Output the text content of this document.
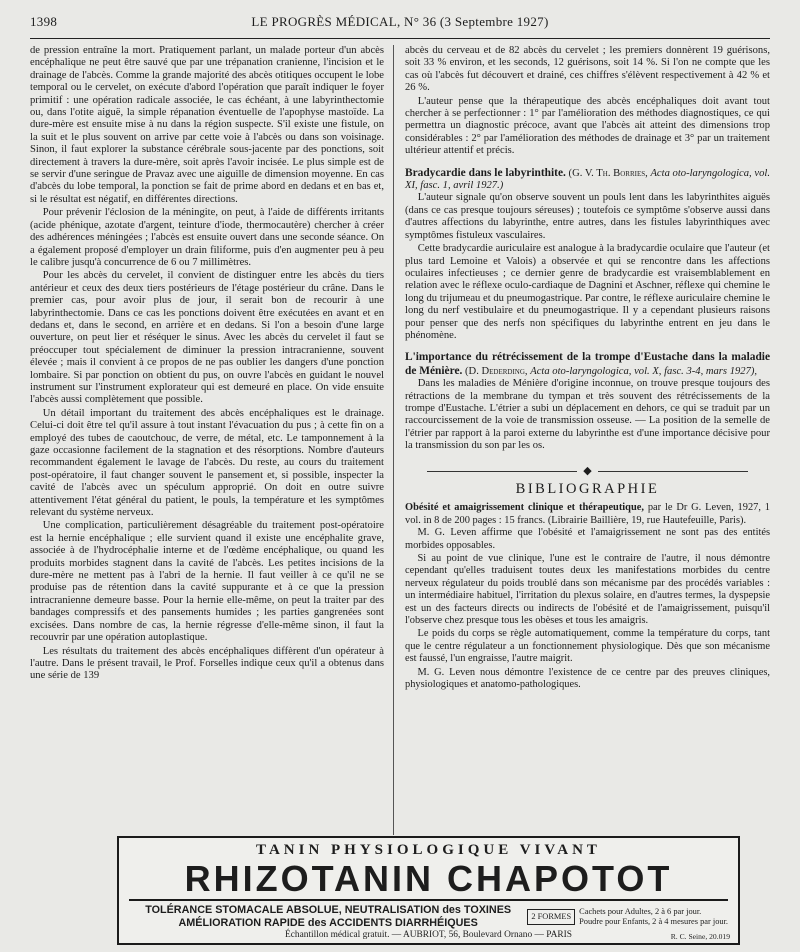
1398	LE PROGRÈS MÉDICAL, N° 36 (3 Septembre 1927)

de pression entraîne la mort. Pratiquement parlant, un malade porteur d'un abcès encéphalique ne peut être sauvé que par une trépanation cranienne, l'incision et le drainage de l'abcès. Comme la grande majorité des abcès otitiques occupent le lobe temporal ou le cervelet, on exécute d'abord l'opération que paraît indiquer le foyer primitif : une opération radicale associée, le cas échéant, à une labyrinthectomie ou, dans l'otite aiguë, la simple répanation éventuelle de l'apophyse mastoïde. La dure-mère est ensuite mise à nu dans la région suspecte. S'il existe une fistule, on la suit et le plus souvent on arrive par cette voie à l'abcès ou dans son voisinage. Sinon, il faut explorer la substance cérébrale sous-jacente par des ponctions, soit directement à travers la dure-mère, soit après l'avoir incisée. Le plus simple est de se servir d'une seringue de Pravaz avec une aiguille de dimension moyenne. En cas d'abcès du lobe temporal, la ponction se fait de prime abord en dedans et en bas et, si le résultat est négatif, en différentes directions.

Pour prévenir l'éclosion de la méningite, on peut, à l'aide de différents irritants (acide phénique, azotate d'argent, teinture d'iode, thermocautère) chercher à créer des adhérences méningées ; l'abcès est ensuite ouvert dans une seconde séance. On a également proposé d'employer un drain filiforme, puis d'en augmenter peu à peu le calibre jusqu'à concurrence de 6 ou 7 millimètres.

Pour les abcès du cervelet, il convient de distinguer entre les abcès du tiers antérieur et ceux des deux tiers postérieurs de l'étage postérieur du crâne. Dans le premier cas, pour avoir plus de jour, il serait bon de recourir à une labyrinthectomie. Dans ce cas les ponctions doivent être exécutées en avant et en dedans et, dans le second, en arrière et en dedans. Si l'on a besoin d'une large ouverture, on peut lier et réséquer le sinus. Avec les abcès du cervelet il faut se préoccuper tout spécialement de diminuer la pression intracranienne, souvent élevée ; mais il convient à ce propos de ne pas oublier les dangers d'une ponction lombaire. Si par ponction on obtient du pus, on ouvre l'abcès en guidant le nouvel instrument sur l'instrument explorateur qui est demeuré en place. On vide ensuite l'abcès aussi complètement que possible.

Un détail important du traitement des abcès encéphaliques est le drainage. Celui-ci doit être tel qu'il assure à tout instant l'évacuation du pus ; à cette fin on a employé des tubes de caoutchouc, de verre, de métal, etc. Le tamponnement à la gaze occasionne facilement de la stagnation et des résorptions. Nombre d'auteurs recommandent également le lavage de l'abcès. Du reste, au cours du traitement post-opératoire, il faut changer souvent le pansement et, si possible, inspecter la cavité de l'abcès avec un spéculum approprié. On doit en outre suivre attentivement l'état général du patient, le pouls, la température et les symptômes relevant du système nerveux.

Une complication, particulièrement désagréable du traitement post-opératoire est la hernie encéphalique ; elle survient quand il existe une encéphalite grave, associée à de l'hydrocéphalie interne et de l'œdème encéphalique, ou quand les produits morbides stagnent dans la cavité de l'abcès. Les petites incisions de la dure-mère ne mettent pas à l'abri de la hernie. Il faut veiller à ce qu'il ne se produise pas de rétention dans la cavité suppurante et à ce que la pression intracranienne demeure basse. Pour la hernie elle-même, on peut la traiter par des bandages compressifs et des pansements humides ; les parties gangrenées sont excisées. Dans nombre de cas, la hernie régresse d'elle-même sinon, il faut la recouvrir par une opération autoplastique.

Les résultats du traitement des abcès encéphaliques diffèrent d'un opérateur à l'autre. Dans le présent travail, le Prof. Forselles indique ceux qu'il a obtenus dans une série de 139

abcès du cerveau et de 82 abcès du cervelet ; les premiers donnèrent 19 guérisons, soit 33 % environ, et les seconds, 12 guérisons, soit 14 %. Si l'on ne compte que les cas où l'abcès fut découvert et drainé, ces chiffres s'élèvent respectivement à 42 % et 26 %.

L'auteur pense que la thérapeutique des abcès encéphaliques doit avant tout chercher à se perfectionner : 1° par l'amélioration des méthodes diagnostiques, ce qui permettra un diagnostic précoce, avant que l'abcès ait atteint des dimensions trop considérables : 2° par l'amélioration des méthodes de drainage et 3° par un traitement ultérieur attentif et précis.

Bradycardie dans le labyrinthite. (G. V. Th. Borries, Acta oto-laryngologica, vol. XI, fasc. 1, avril 1927.)

L'auteur signale qu'on observe souvent un pouls lent dans les labyrinthites aiguës (dans ce cas presque toujours séreuses) ; toutefois ce symptôme s'observe aussi dans d'autres affections du labyrinthe, entre autres, dans les fistules labyrinthiques avec symptômes fistuleux vasculaires.

Cette bradycardie auriculaire est analogue à la bradycardie oculaire que l'auteur (et plus tard Lemoine et Valois) a observée et qui se rencontre dans les affections oculaires infectieuses ; ce dernier genre de bradycardie est vraisemblablement en relation avec le réflexe oculo-cardiaque de Dagnini et Aschner, réflexe qui chemine le long du trijumeau et du pneumogastrique. Par contre, le réflexe auriculaire chemine le long du nerf vestibulaire et du pneumogastrique. Il y a cependant plusieurs raisons pour penser que des nerfs non spécifiques du labyrinthe entrent en jeu dans le phénomène.

L'importance du rétrécissement de la trompe d'Eustache dans la maladie de Ménière. (D. Dederding, Acta oto-laryngologica, vol. X, fasc. 3-4, mars 1927),

Dans les maladies de Ménière d'origine inconnue, on trouve presque toujours des rétractions de la membrane du tympan et très souvent des rétrécissements de la trompe d'Eustache. L'étrier a subi un déplacement en dehors, ce qui se traduit par un raccourcissement de la voie de transmission osseuse. — La position de la semelle de l'étrier par rapport à la paroi externe du labyrinthe est d'une importance décisive pour la transmission du son par les os.

◆
BIBLIOGRAPHIE

Obésité et amaigrissement clinique et thérapeutique, par le Dr G. Leven, 1927, 1 vol. in 8 de 200 pages : 15 francs. (Librairie Baillière, 19, rue Hautefeuille, Paris).

M. G. Leven affirme que l'obésité et l'amaigrissement ne sont pas des entités morbides opposables.

Si au point de vue clinique, l'une est le contraire de l'autre, il nous démontre cependant qu'elles traduisent toutes deux les manifestations morbides du centre nerveux régulateur du poids troublé dans son mécanisme par des procédés variables : un intermédiaire habituel, l'irritation du plexus solaire, en d'autres termes, la dyspepsie est un des facteurs directs ou indirects de l'obésité et de l'amaigrissement, puisqu'il l'observe chez presque tous les obèses et tous les amaigris.

Le poids du corps se règle automatiquement, comme la température du corps, tant que le centre régulateur a un fonctionnement physiologique. Dès que son mécanisme est faussé, l'un engraisse, l'autre maigrit.

M. G. Leven nous démontre l'existence de ce centre par des preuves cliniques, physiologiques et anatomo-pathologiques.

TANIN PHYSIOLOGIQUE VIVANT
RHIZOTANIN CHAPOTOT
TOLÉRANCE STOMACALE ABSOLUE, NEUTRALISATION des TOXINES
AMÉLIORATION RAPIDE des ACCIDENTS DIARRHÉIQUES
2 FORMES
Cachets pour Adultes, 2 à 6 par jour.
Poudre pour Enfants, 2 à 4 mesures par jour.
Échantillon médical gratuit. — AUBRIOT, 56, Boulevard Ornano — PARIS	R. C. Seine, 20.019
